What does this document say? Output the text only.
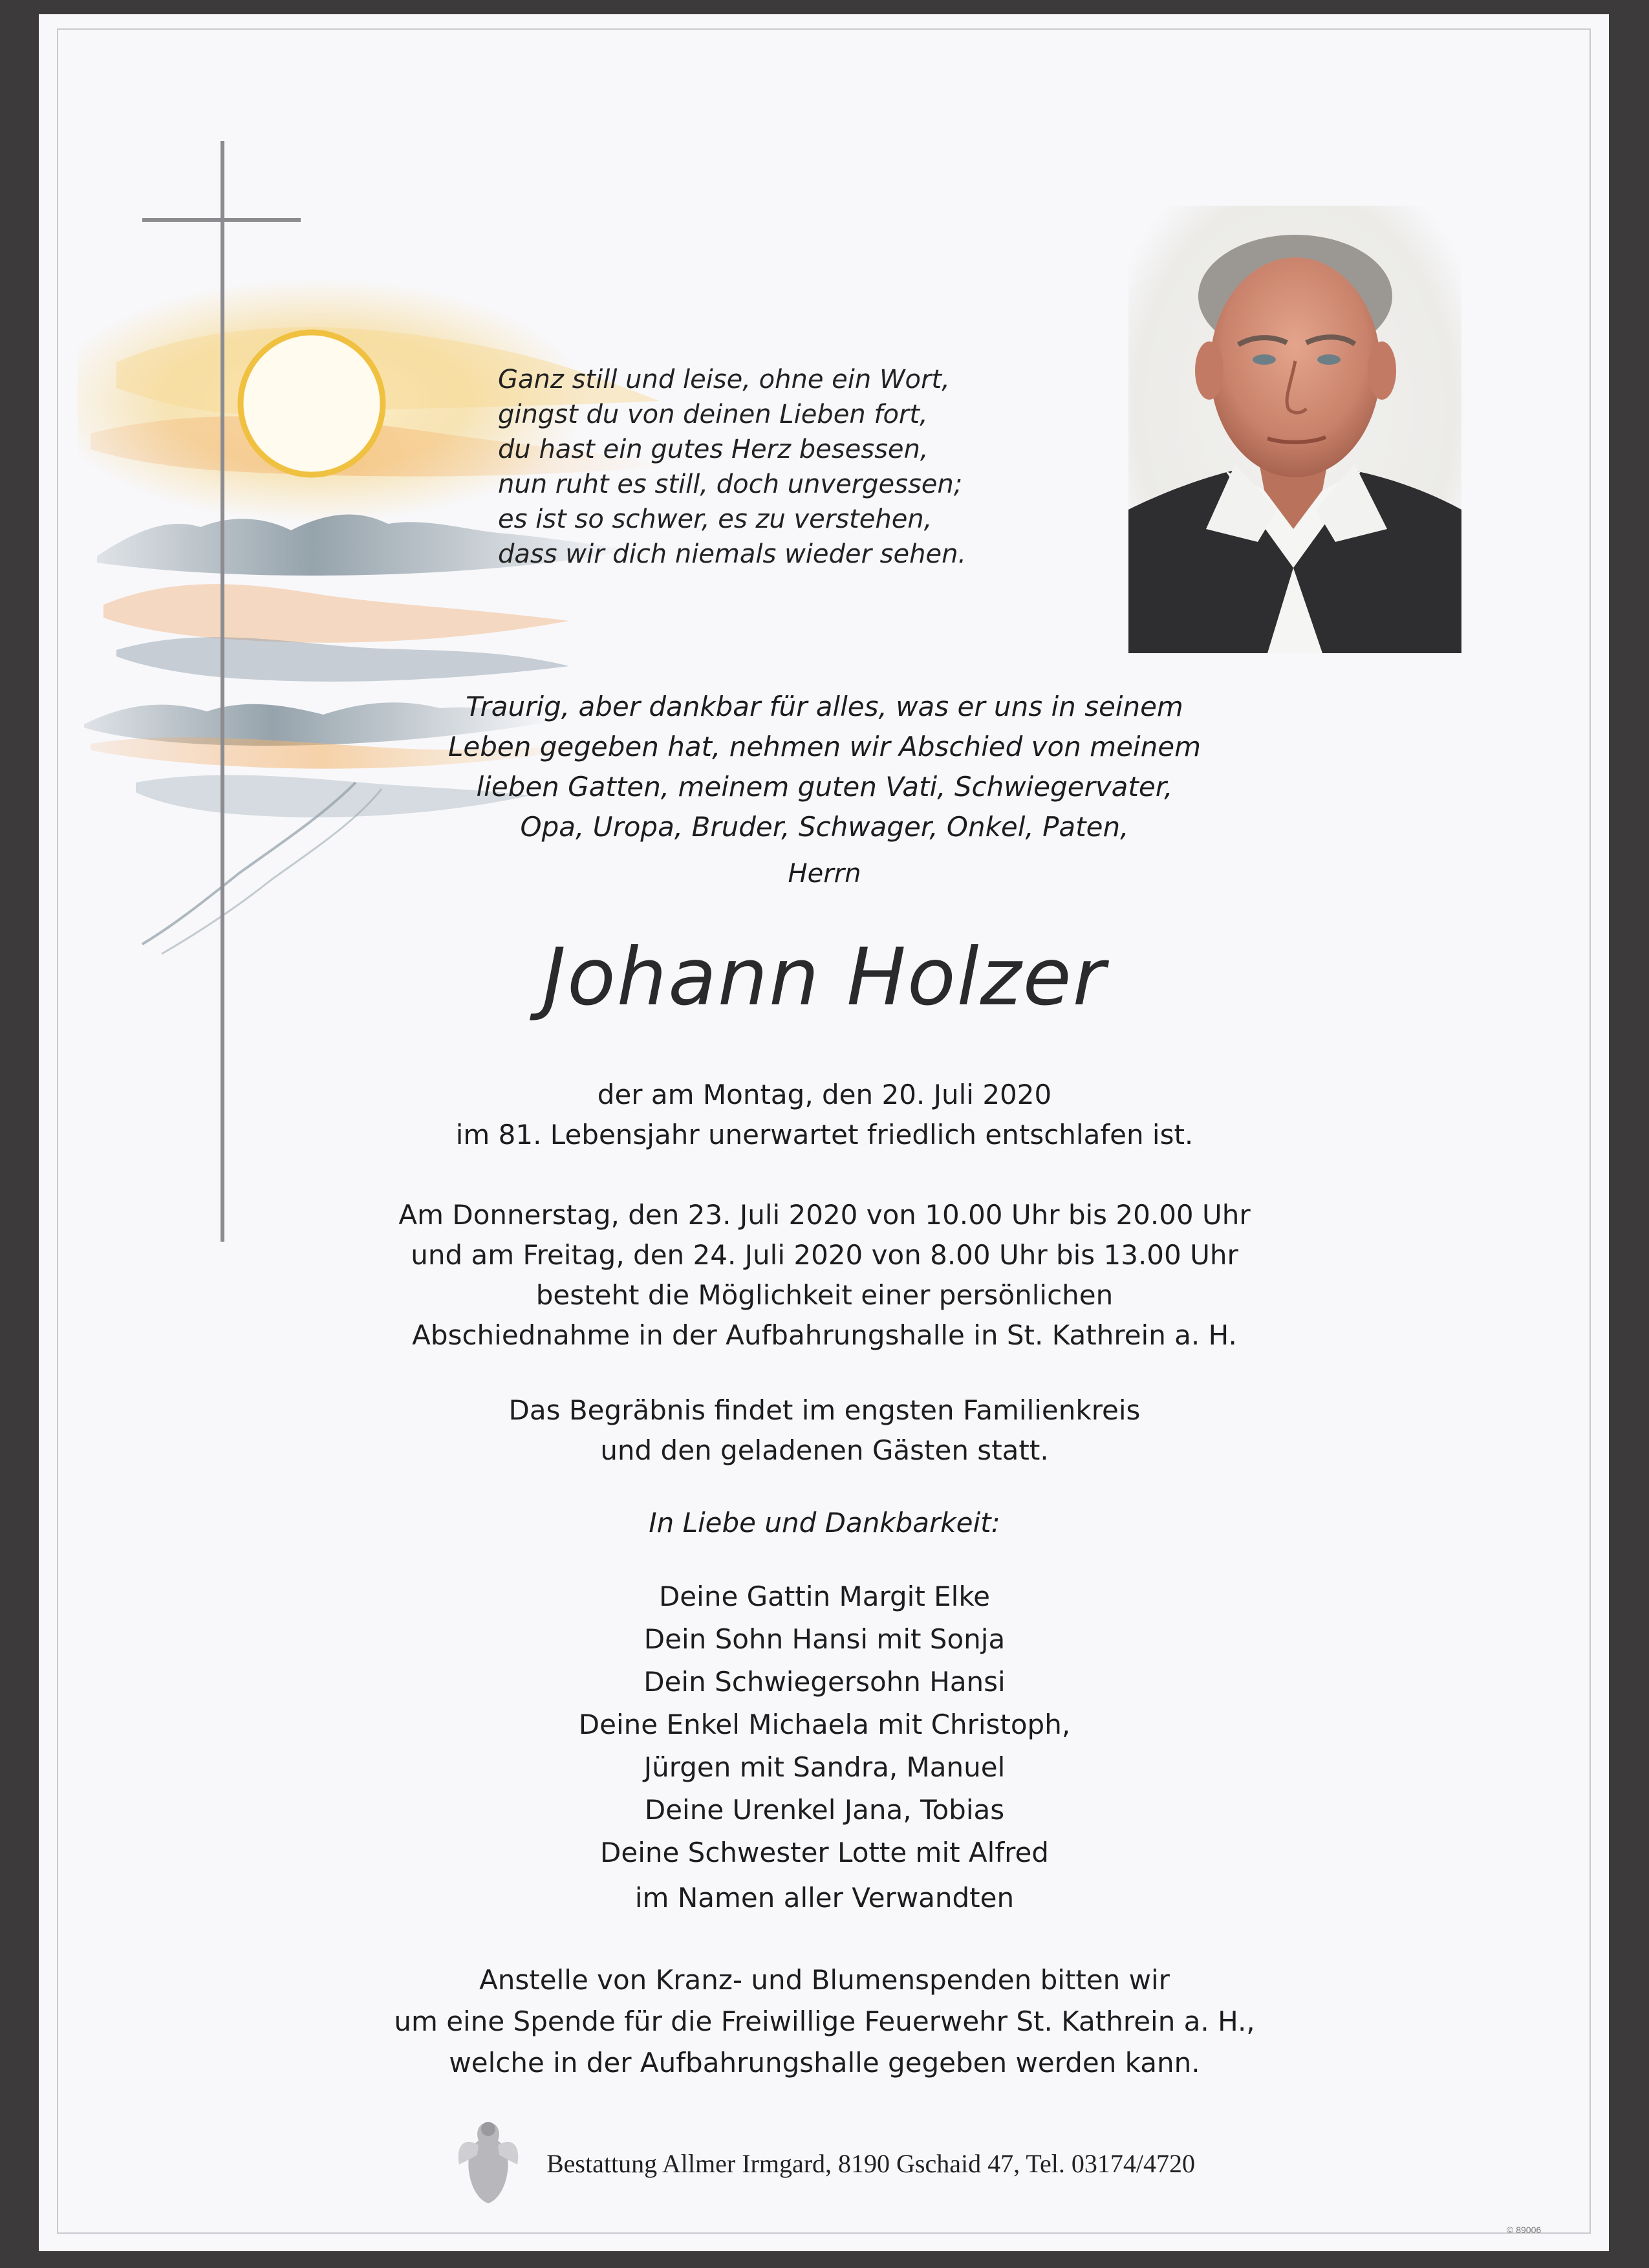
Ganz still und leise, ohne ein Wort,
gingst du von deinen Lieben fort,
du hast ein gutes Herz besessen,
nun ruht es still, doch unvergessen;
es ist so schwer, es zu verstehen,
dass wir dich niemals wieder sehen.
Traurig, aber dankbar für alles, was er uns in seinem
Leben gegeben hat, nehmen wir Abschied von meinem
lieben Gatten, meinem guten Vati, Schwiegervater,
Opa, Uropa, Bruder, Schwager, Onkel, Paten,
Herrn
Johann Holzer
der am Montag, den 20. Juli 2020
im 81. Lebensjahr unerwartet friedlich entschlafen ist.
Am Donnerstag, den 23. Juli 2020 von 10.00 Uhr bis 20.00 Uhr
und am Freitag, den 24. Juli 2020 von 8.00 Uhr bis 13.00 Uhr
besteht die Möglichkeit einer persönlichen
Abschiednahme in der Aufbahrungshalle in St. Kathrein a. H.
Das Begräbnis findet im engsten Familienkreis
und den geladenen Gästen statt.
In Liebe und Dankbarkeit:
Deine Gattin Margit Elke
Dein Sohn Hansi mit Sonja
Dein Schwiegersohn Hansi
Deine Enkel Michaela mit Christoph,
Jürgen mit Sandra, Manuel
Deine Urenkel Jana, Tobias
Deine Schwester Lotte mit Alfred
im Namen aller Verwandten
Anstelle von Kranz- und Blumenspenden bitten wir
um eine Spende für die Freiwillige Feuerwehr St. Kathrein a. H.,
welche in der Aufbahrungshalle gegeben werden kann.
Bestattung Allmer Irmgard, 8190 Gschaid 47, Tel. 03174/4720
© 89006
